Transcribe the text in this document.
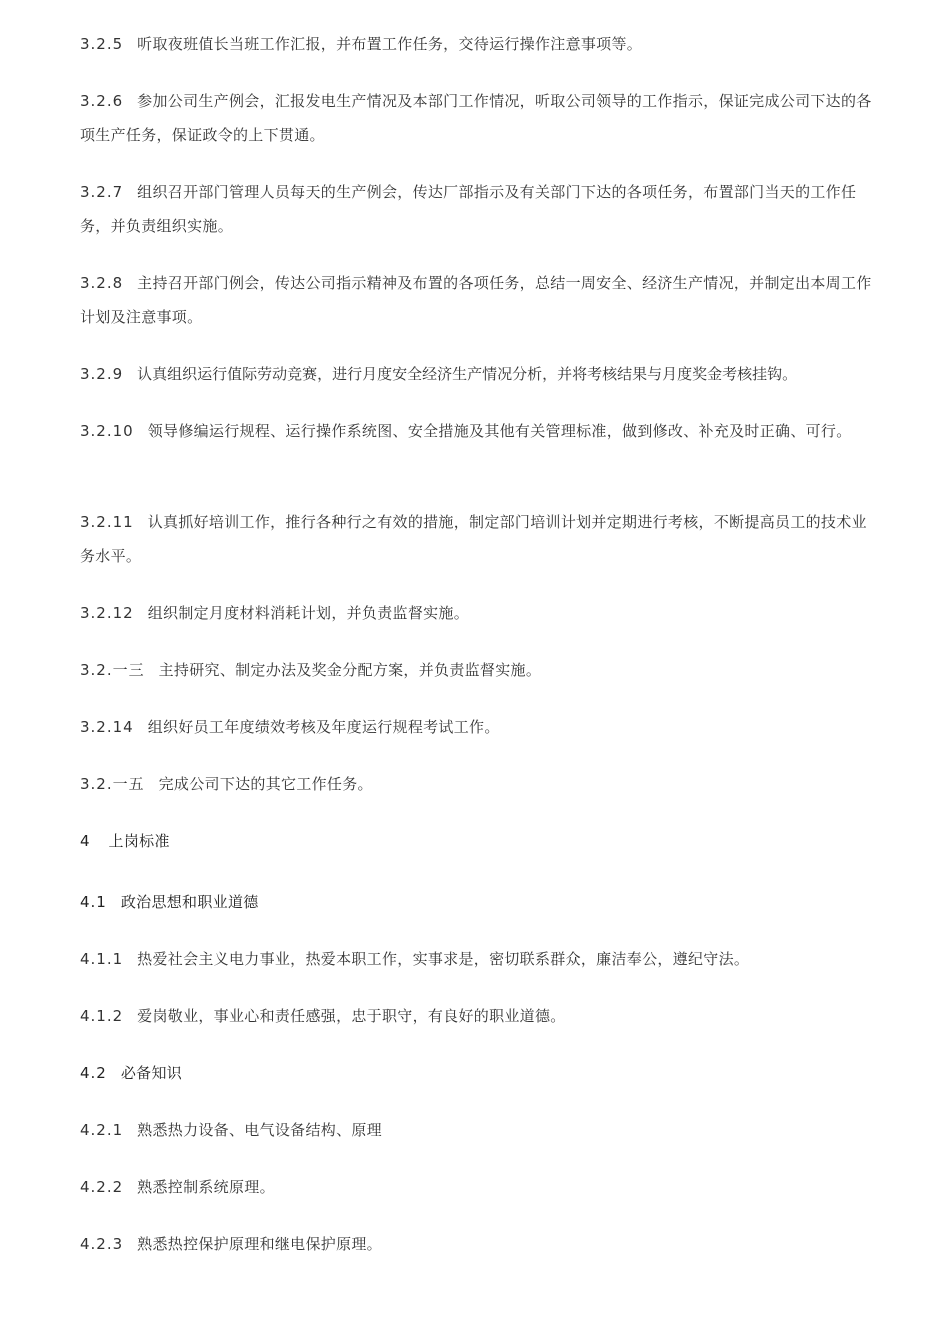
3.2.5 听取夜班值长当班工作汇报，并布置工作任务，交待运行操作注意事项等。

3.2.6 参加公司生产例会，汇报发电生产情况及本部门工作情况，听取公司领导的工作指示，保证完成公司下达的各项生产任务，保证政令的上下贯通。

3.2.7 组织召开部门管理人员每天的生产例会，传达厂部指示及有关部门下达的各项任务，布置部门当天的工作任务，并负责组织实施。

3.2.8 主持召开部门例会，传达公司指示精神及布置的各项任务，总结一周安全、经济生产情况，并制定出本周工作计划及注意事项。

3.2.9 认真组织运行值际劳动竞赛，进行月度安全经济生产情况分析，并将考核结果与月度奖金考核挂钩。

3.2.10 领导修编运行规程、运行操作系统图、安全措施及其他有关管理标准，做到修改、补充及时正确、可行。

3.2.11 认真抓好培训工作，推行各种行之有效的措施，制定部门培训计划并定期进行考核，不断提高员工的技术业务水平。

3.2.12 组织制定月度材料消耗计划，并负责监督实施。

3.2.一三 主持研究、制定办法及奖金分配方案，并负责监督实施。

3.2.14 组织好员工年度绩效考核及年度运行规程考试工作。

3.2.一五 完成公司下达的其它工作任务。

4 上岗标准

4.1 政治思想和职业道德

4.1.1 热爱社会主义电力事业，热爱本职工作，实事求是，密切联系群众，廉洁奉公，遵纪守法。

4.1.2 爱岗敬业，事业心和责任感强，忠于职守，有良好的职业道德。

4.2 必备知识

4.2.1 熟悉热力设备、电气设备结构、原理

4.2.2 熟悉控制系统原理。

4.2.3 熟悉热控保护原理和继电保护原理。
